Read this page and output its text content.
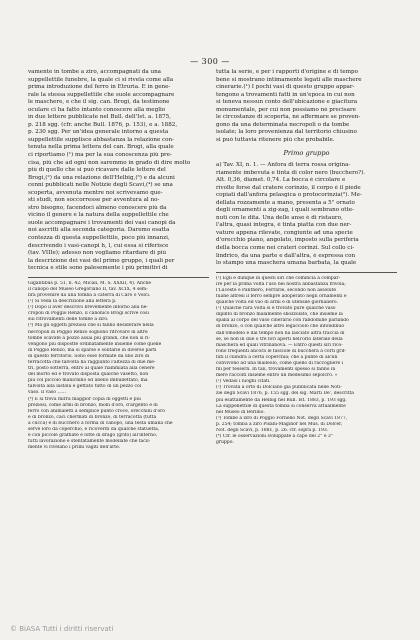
— 300 —
vamente in tombe a ziro, accompagnati da una
suppellettile funebre, la quale ci si rivela come alla
prima introduzione del ferro in Etruria. E in gene-
rale la stessa suppellettile che suole accompagnare
le maschere, e che il sig. can. Brogi, da testimone
oculare ci ha fatto intanto conoscere alla meglio
in due lettere pubblicate nel Bull. dell'Ist. a. 1875,
p. 218 sgg. (cfr. anche Bull. 1876, p. 153), e a. 1882,
p. 230 sgg. Per un'idea generale intorno a questa
suppellettile supplisce abbastanza la relazione con-
tenuta nella prima lettera del can. Brogi, alla quale
ci riportiamo (¹) ma per la sua conoscenza più pre-
cisa, più che ad ogni non saremmo in grado di dire molto
più di quello che si può ricavare dalle lettere del
Brogi,(²) da una relazione dell'Helbig,(³) e da alcuni
cenni pubblicati nelle Notizie degli Scavi,(⁴) se una
scoperta, avvenuta mentre noi scrivevamo que-
sti studi, non soccorresse per avventura al no-
stro bisogno, facendoci almeno conoscere più da
vicino il genere e la natura della suppellettile che
suole accompagnare i trovamenti dei vasi canopi da
noi ascritti alla seconda categoria. Daremo esatta
contezza di questa suppellettile, poco più innanzi,
descrivendo i vasi-canopi h, l, cui essa si riferisce
(tav. VIIIe); adesso non vogliamo ritardare di più
la descrizione dei vasi del primo gruppo, i quali per
tecnica e stile sono palesemente i più primitivi di
Gigantibus p. 51, n. 42; Micali, M. S. XXXII, 4). Anche
il canopo del Museo Gregoriano II, tav. XCIX, 4 sem-
bra provenire da una tomba a caterra di Caro o Volci.
(¹) Si veda la descrizione alla lettera p.
(²) Dopo il aver descrivo brevemente intorno alla ne-
cropoli di Poggio Renzo, il canonico Brogi scrive così
sui ritrovamenti delle tombe a ziro.
(³) Ma gli oggetti preziosi che si fanno desiderare nella
necropoli di Poggio Renzo sogliono ritrovare in altre
tombe scavate a pozzo assai più grandi, che non si ri-
vengono più dispostte ordinatamente insieme come quelle
di Poggio Renzo, ma si sparse e solitarie in diverse parti
di questo territorio. Sono esse formate da uno ziro di
terracotta che talvolta ha raggiunto l'altezza di due me-
tri, posto sotterra, entro al quale riammiata alla cenere
del morto ed è trovato disposta qualche vasetto, non
più col piccolo manichino od anello imbullettato, ma
talvolta alla lastola e gettato tutto di un pezzo col
vaso. Il vaso ......
(⁴) E si trova mirra maggior copia di oggetti e più
preziosi, come armi di bronzo, molli d'oro, d'argento e di
ferro con animaletti a semplice punto croce, orecchini d'oro
e di bronzo, caci chermati di bronzo, di terracotta (tutta
a cucca) e di bucchero a forma di canopo, una testa umana che
serve loro da coperchio, e ricoveriti da qualche statuetta,
e con piccole graffiate e lotte di drago (grifo) all'interno,
tutti lavorazione e stentatamente modellate che facil-
mente vi rivelano i primi vagiti dell'arte.
tutta la serie, e per i rapporti d'origine e di tempo
bene si mostrano intimamente legati alle maschere
cinerarie.(¹) I pochi vasi di questo gruppo appar-
tengono a trovamenti fatti in un'epoca in cui non
si teneva nessun conto dell'ubicazione e giacitura
monumentale, per cui non possiamo nè precisare
le circostanze di scoperta, nè affermare se proven-
gono da una determinata necropoli o da tombe
isolate; la loro provenienza dal territorio chiusino
si può tuttavia ritenere più che probabile.
Primo gruppo
a) Tav. XI, n. 1. — Anfora di terra rossa origina-
riamente imbevuta e tinta di color nero (bucchero?).
Alt. 0,36, diamet. 0,74. La bocca è circolare e
rivolte forse dal cratere corinzio, il corpo è il piede
copiati dall'anfora pelasgica o protocorinzia(²). Me-
dellata rozzamente a mano, presenta a 5° ornato
degli ornamenti a zig-zag, i quali sembrano otte-
nuti con le dita. Una delle anse è di ristauro,
l'altra, quasi integra, è tinta piatta con due ner-
vature appena rilevate, congiunte ad una specie
d'orecchio piano, angolato, imposto sulla periferia
della bocca come nei crateri corinzi. Sul collo ci-
lindrico, da una parte e dall'altra, è espressa con
lo stampo una maschera umana barbata, la quale
(¹) Egli è dunque in questi siri che comincia a compar-
ire per la prima volta l'uso nei nostra abbastanza frivola;
l'Luceste e Panthero, Ferrarie, secondo non assolute
fuane altresì il ferro sempre adoperato negli ornamenti e
qualche volta ed vaò di armi e di utensile giornaliero.
(²) Qualche rara volta si è trovato pure qualche vaso
dipinto di bronzo malamente sbozzolato, che insieme la
spalla al corpo del vaso cinerario con rabdomille parlando
di bronzo, o con qualche altro legacciolo che infondinuo
dall'omodelo e dal tempo non ha lasciato altra traccia di
sè, se non in due o tre fori aperti nell'orlo laterale della
maschera ed quali vitrinanova. — Entro questi siri rico-
rono frequenti ancora le fasciole di bucchera a corti grif-
fati il cilindra a certa coperchia; che a punte di alcun
convivono ad una malleolo, come quello di raccogliere i
fili per tesserli. In tali, trovamenti spesso si fanno in
mere raccolti insieme entro un medesimo sepolcro. »
(¹) Vedasi i luoghi citati.
(²) Trovata a orto di Dolciano gia pubblicata nelle Noti-
zie degli Scavi 1876, p. 155 sgg. del sig. Marti De', descritta
più esattamente da Helbig nel Bull. Ist. 1883, p. 193 sgg.
La suppellettile di questa tomba si conserva attualmente
nel Museo di Berlino.
(³) Tombe a ziro di Poggio Fornello Not. degli Scavi 1877,
p. 254; tomba a ziro Pisani-Maginor nel Mus. di Dolcer,
Not. degli Scavi, p. 1881, p. 26. cfr. sopra p. 193.
(⁴) Cfr. le osservazioni sviluppate a capo del 2° e 3°
gruppo.
© BiASA Tutti i diritti riservati
